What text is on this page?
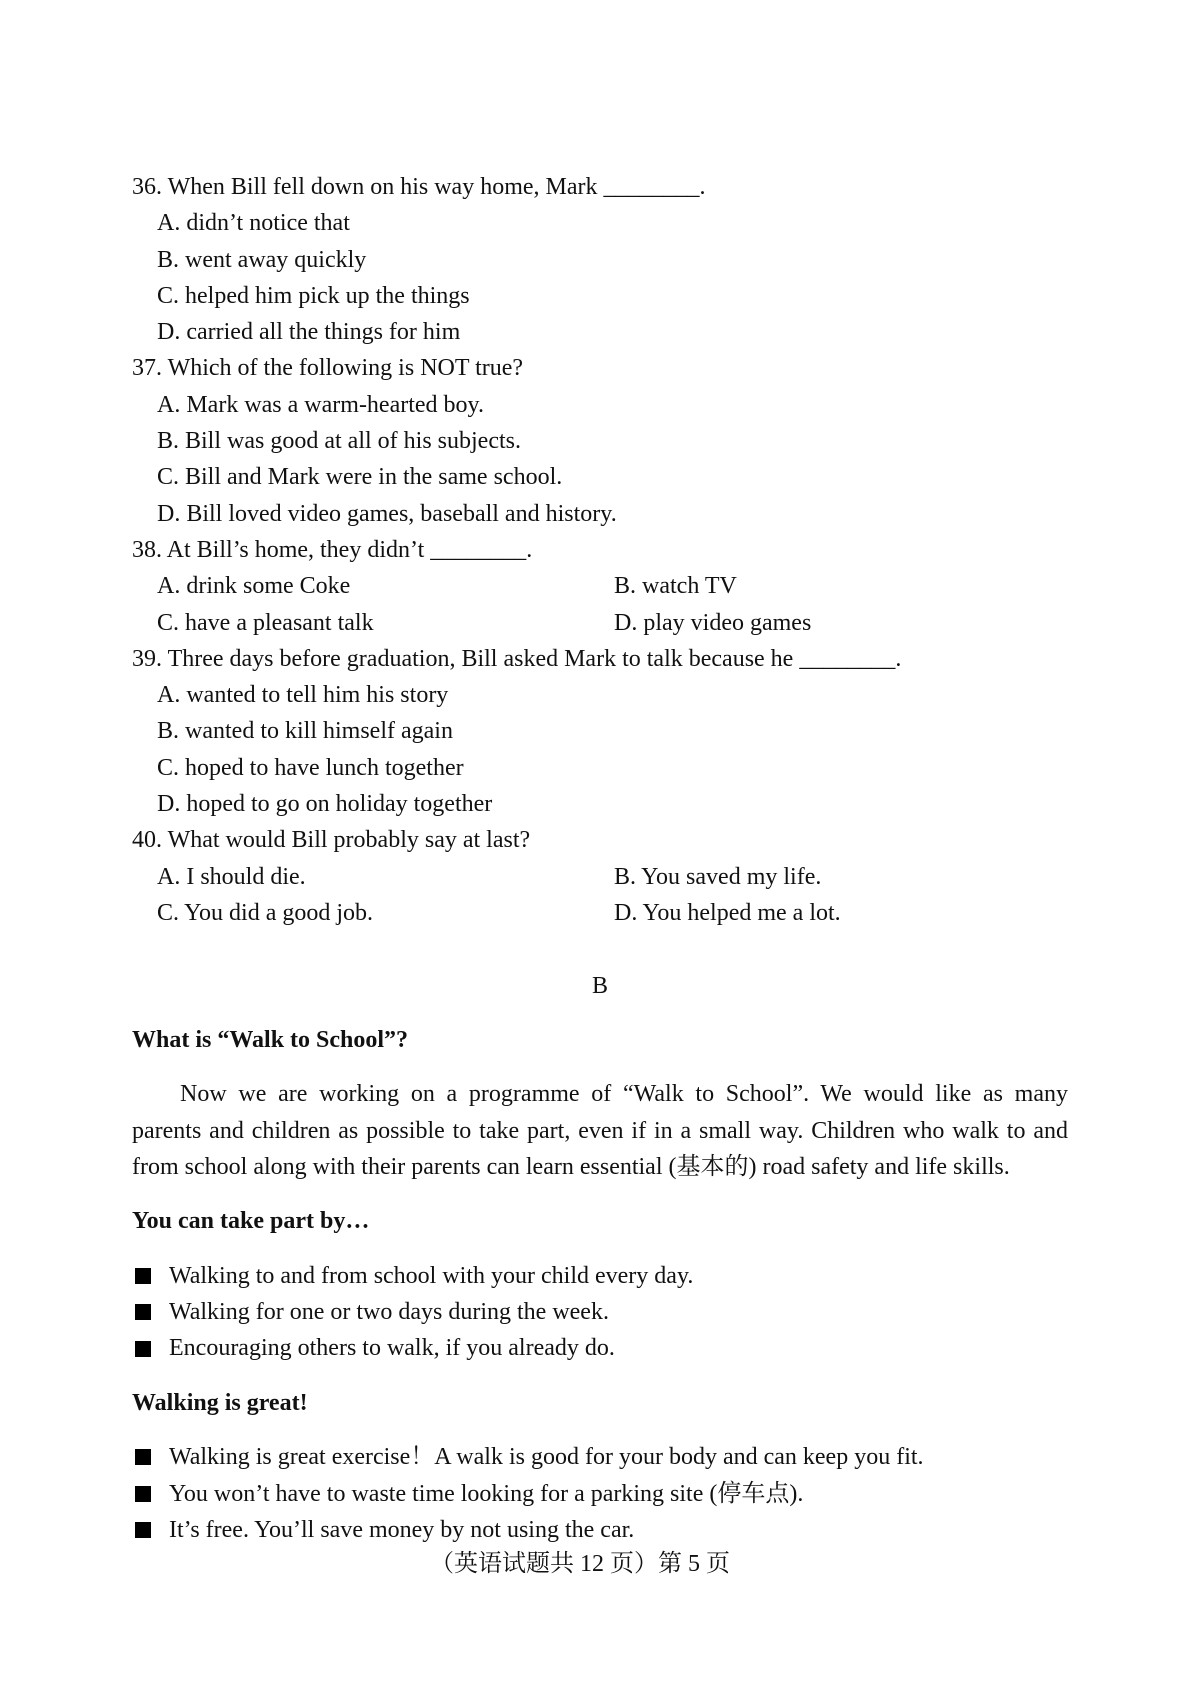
36. When Bill fell down on his way home, Mark ________.
A. didn’t notice that
B. went away quickly
C. helped him pick up the things
D. carried all the things for him
37. Which of the following is NOT true?
A. Mark was a warm-hearted boy.
B. Bill was good at all of his subjects.
C. Bill and Mark were in the same school.
D. Bill loved video games, baseball and history.
38. At Bill’s home, they didn’t ________.
A. drink some Coke	B. watch TV
C. have a pleasant talk	D. play video games
39. Three days before graduation, Bill asked Mark to talk because he ________.
A. wanted to tell him his story
B. wanted to kill himself again
C. hoped to have lunch together
D. hoped to go on holiday together
40. What would Bill probably say at last?
A. I should die.	B. You saved my life.
C. You did a good job.	D. You helped me a lot.
B
What is “Walk to School”?
Now we are working on a programme of “Walk to School”. We would like as many
parents and children as possible to take part, even if in a small way. Children who walk to and
from school along with their parents can learn essential (基本的) road safety and life skills.
You can take part by…
Walking to and from school with your child every day.
Walking for one or two days during the week.
Encouraging others to walk, if you already do.
Walking is great!
Walking is great exercise！A walk is good for your body and can keep you fit.
You won’t have to waste time looking for a parking site (停车点).
It’s free. You’ll save money by not using the car.
（英语试题共 12 页）第 5 页
